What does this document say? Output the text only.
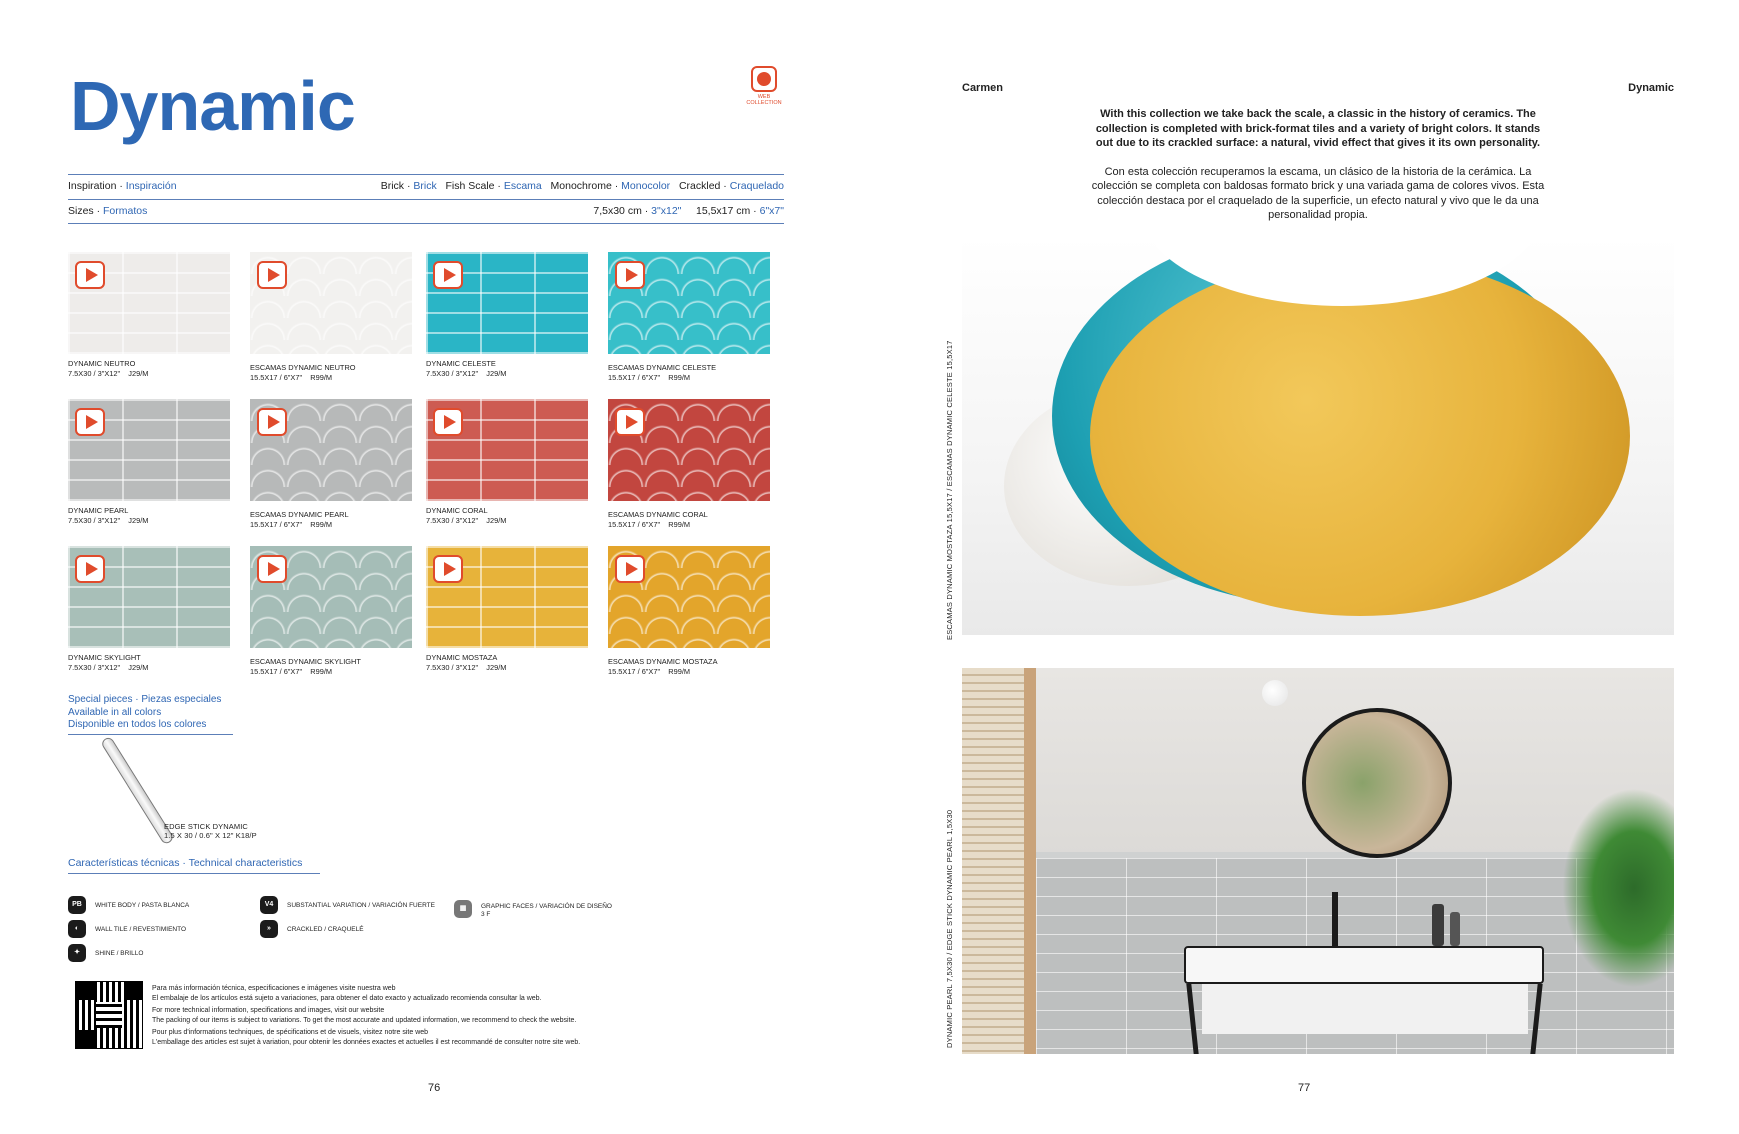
Dynamic	WEB
COLLECTION
Inspiration · Inspiración	Brick · Brick Fish Scale · Escama Monochrome · Monocolor Crackled · Craquelado
Sizes · Formatos	7,5x30 cm · 3"x12" 15,5x17 cm · 6"x7"
DYNAMIC NEUTRO
7.5X30 / 3"X12"    J29/M
ESCAMAS DYNAMIC NEUTRO
15.5X17 / 6"X7"    R99/M
DYNAMIC CELESTE
7.5X30 / 3"X12"    J29/M
ESCAMAS DYNAMIC CELESTE
15.5X17 / 6"X7"    R99/M
DYNAMIC PEARL
7.5X30 / 3"X12"    J29/M
ESCAMAS DYNAMIC PEARL
15.5X17 / 6"X7"    R99/M
DYNAMIC CORAL
7.5X30 / 3"X12"    J29/M
ESCAMAS DYNAMIC CORAL
15.5X17 / 6"X7"    R99/M
DYNAMIC SKYLIGHT
7.5X30 / 3"X12"    J29/M
ESCAMAS DYNAMIC SKYLIGHT
15.5X17 / 6"X7"    R99/M
DYNAMIC MOSTAZA
7.5X30 / 3"X12"    J29/M
ESCAMAS DYNAMIC MOSTAZA
15.5X17 / 6"X7"    R99/M
Special pieces · Piezas especiales
Available in all colors
Disponible en todos los colores
EDGE STICK DYNAMIC
1.5 X 30 / 0.6" X 12" K18/P
Características técnicas · Technical characteristics
PB	WHITE BODY / PASTA BLANCA
◐	WALL TILE / REVESTIMIENTO
✦	SHINE / BRILLO
V4	SUBSTANTIAL VARIATION / VARIACIÓN FUERTE
»	CRACKLED / CRAQUELÉ
▦	GRAPHIC FACES / VARIACIÓN DE DISEÑO
3 F
Para más información técnica, especificaciones e imágenes visite nuestra web
El embalaje de los artículos está sujeto a variaciones, para obtener el dato exacto y actualizado recomienda consultar la web.
For more technical information, specifications and images, visit our website
The packing of our items is subject to variations. To get the most accurate and updated information, we recommend to check the website.
Pour plus d'informations techniques, de spécifications et de visuels, visitez notre site web
L'emballage des articles est sujet à variation, pour obtenir les données exactes et actuelles il est recommandé de consulter notre site web.
76
Carmen	Dynamic
With this collection we take back the scale, a classic in the history of ceramics. The collection is completed with brick-format tiles and a variety of bright colors. It stands out due to its crackled surface: a natural, vivid effect that gives it its own personality.
Con esta colección recuperamos la escama, un clásico de la historia de la cerámica. La colección se completa con baldosas formato brick y una variada gama de colores vivos. Esta colección destaca por el craquelado de la superficie, un efecto natural y vivo que le da una personalidad propia.
ESCAMAS DYNAMIC MOSTAZA 15,5X17 / ESCAMAS DYNAMIC CELESTE 15,5X17
DYNAMIC PEARL 7,5X30 / EDGE STICK DYNAMIC PEARL 1,5X30
77
